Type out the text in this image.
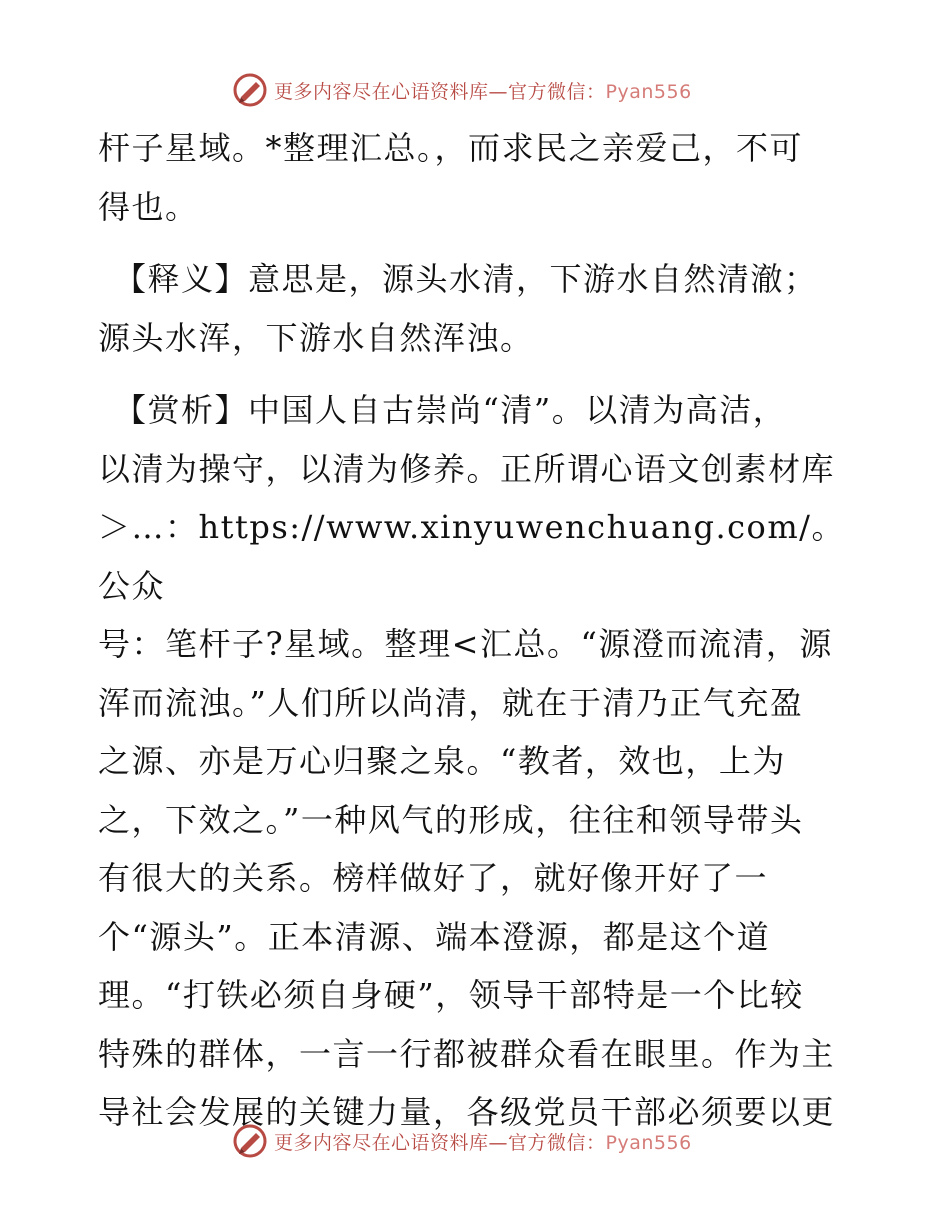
更多内容尽在心语资料库—官方微信：Pyan556

杆子星域。*整理汇总。，而求民之亲爱己，不可
得也。

【释义】意思是，源头水清，下游水自然清澈；
源头水浑，下游水自然浑浊。

【赏析】中国人自古崇尚“清”。以清为高洁，
以清为操守，以清为修养。正所谓心语文创素材库
＞…：https://www.xinyuwenchuang.com/。公众
号：笔杆子?星域。整理<汇总。“源澄而流清，源
浑而流浊。”人们所以尚清，就在于清乃正气充盈
之源、亦是万心归聚之泉。“教者，效也，上为
之，下效之。”一种风气的形成，往往和领导带头
有很大的关系。榜样做好了，就好像开好了一
个“源头”。正本清源、端本澄源，都是这个道
理。“打铁必须自身硬”，领导干部特是一个比较
特殊的群体，一言一行都被群众看在眼里。作为主
导社会发展的关键力量，各级党员干部必须要以更

更多内容尽在心语资料库—官方微信：Pyan556
